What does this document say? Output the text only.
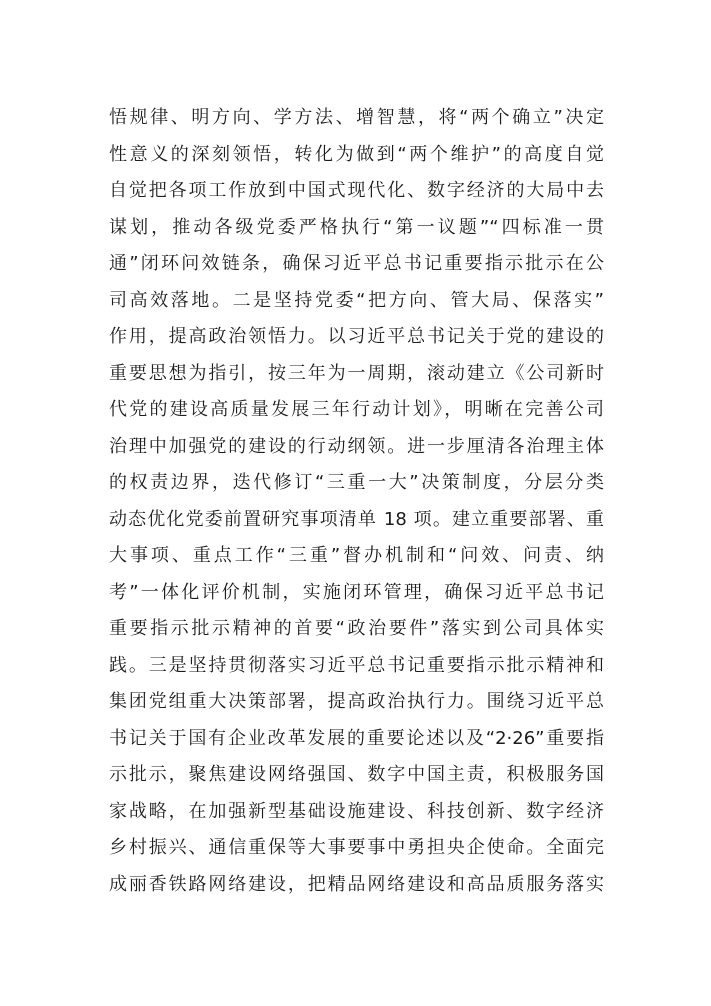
悟规律、明方向、学方法、增智慧，将“两个确立”决定
性意义的深刻领悟，转化为做到“两个维护”的高度自觉
自觉把各项工作放到中国式现代化、数字经济的大局中去
谋划，推动各级党委严格执行“第一议题”“四标准一贯
通”闭环问效链条，确保习近平总书记重要指示批示在公
司高效落地。二是坚持党委“把方向、管大局、保落实”
作用，提高政治领悟力。以习近平总书记关于党的建设的
重要思想为指引，按三年为一周期，滚动建立《公司新时
代党的建设高质量发展三年行动计划》，明晰在完善公司
治理中加强党的建设的行动纲领。进一步厘清各治理主体
的权责边界，迭代修订“三重一大”决策制度，分层分类
动态优化党委前置研究事项清单 18 项。建立重要部署、重
大事项、重点工作“三重”督办机制和“问效、问责、纳
考”一体化评价机制，实施闭环管理，确保习近平总书记
重要指示批示精神的首要“政治要件”落实到公司具体实
践。三是坚持贯彻落实习近平总书记重要指示批示精神和
集团党组重大决策部署，提高政治执行力。围绕习近平总
书记关于国有企业改革发展的重要论述以及“2·26”重要指
示批示，聚焦建设网络强国、数字中国主责，积极服务国
家战略，在加强新型基础设施建设、科技创新、数字经济
乡村振兴、通信重保等大事要事中勇担央企使命。全面完
成丽香铁路网络建设，把精品网络建设和高品质服务落实
